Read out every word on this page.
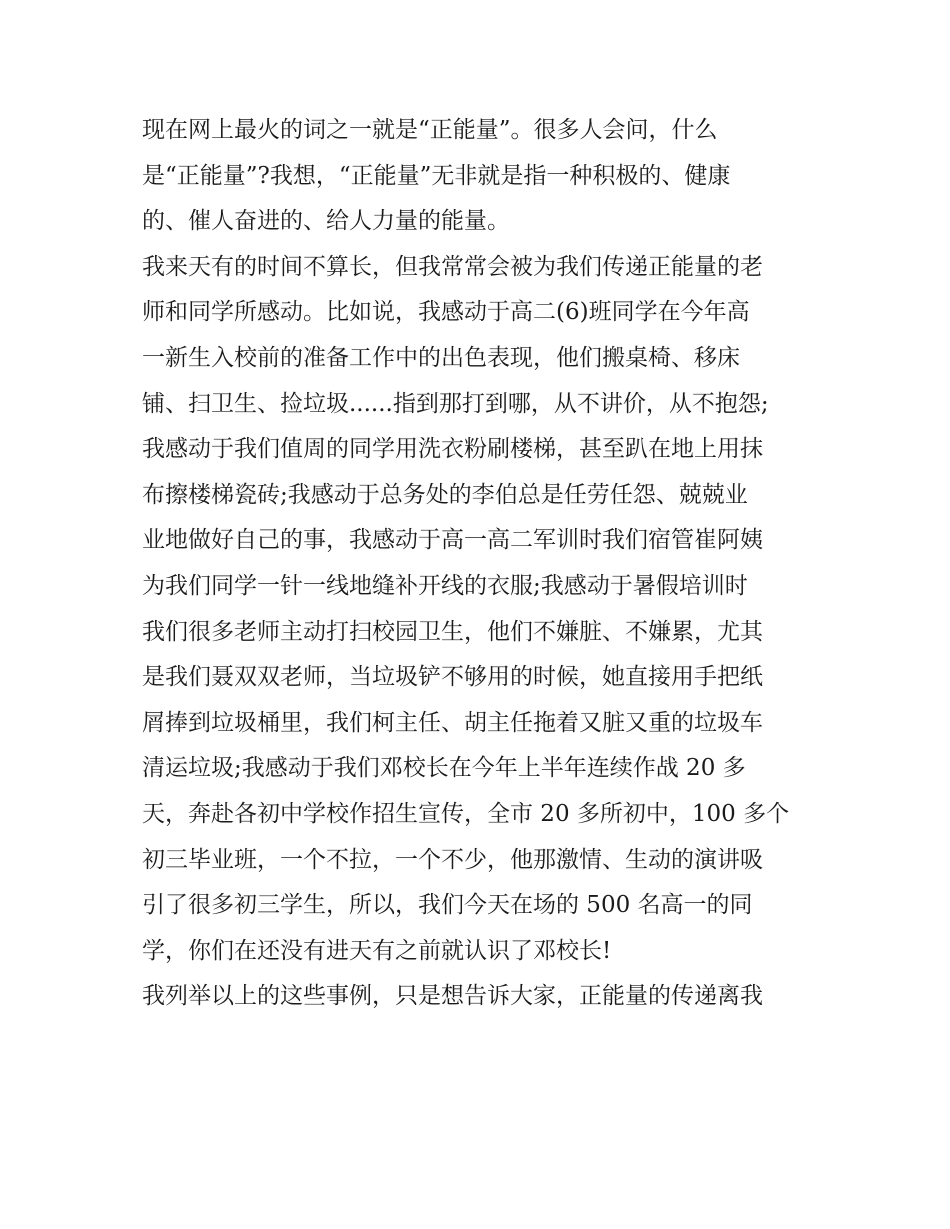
现在网上最火的词之一就是“正能量”。很多人会问，什么
是“正能量”?我想，“正能量”无非就是指一种积极的、健康
的、催人奋进的、给人力量的能量。
我来天有的时间不算长，但我常常会被为我们传递正能量的老
师和同学所感动。比如说，我感动于高二(6)班同学在今年高
一新生入校前的准备工作中的出色表现，他们搬桌椅、移床
铺、扫卫生、捡垃圾......指到那打到哪，从不讲价，从不抱怨;
我感动于我们值周的同学用洗衣粉刷楼梯，甚至趴在地上用抹
布擦楼梯瓷砖;我感动于总务处的李伯总是任劳任怨、兢兢业
业地做好自己的事，我感动于高一高二军训时我们宿管崔阿姨
为我们同学一针一线地缝补开线的衣服;我感动于暑假培训时
我们很多老师主动打扫校园卫生，他们不嫌脏、不嫌累，尤其
是我们聂双双老师，当垃圾铲不够用的时候，她直接用手把纸
屑捧到垃圾桶里，我们柯主任、胡主任拖着又脏又重的垃圾车
清运垃圾;我感动于我们邓校长在今年上半年连续作战 20 多
天，奔赴各初中学校作招生宣传，全市 20 多所初中，100 多个
初三毕业班，一个不拉，一个不少，他那激情、生动的演讲吸
引了很多初三学生，所以，我们今天在场的 500 名高一的同
学，你们在还没有进天有之前就认识了邓校长!
我列举以上的这些事例，只是想告诉大家，正能量的传递离我
